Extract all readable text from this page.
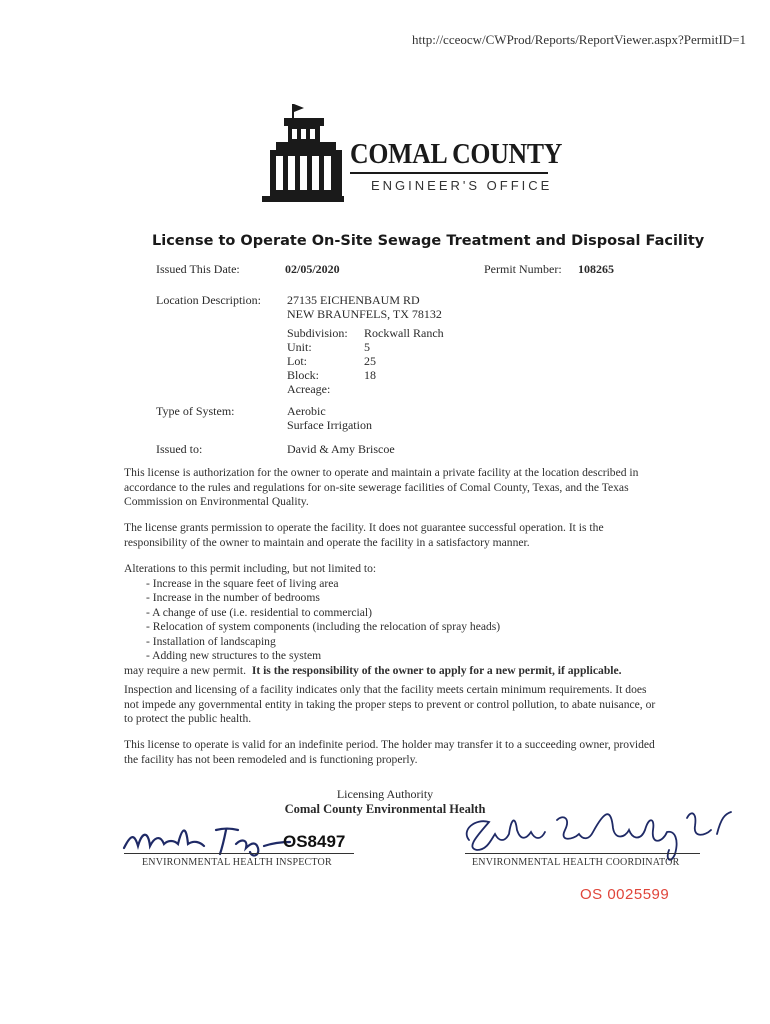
http://cceocw/CWProd/Reports/ReportViewer.aspx?PermitID=1
COMAL COUNTY
ENGINEER'S OFFICE
License to Operate On-Site Sewage Treatment and Disposal Facility
Issued This Date:	02/05/2020	Permit Number: 108265
Location Description: 27135 EICHENBAUM RD
NEW BRAUNFELS, TX 78132
Subdivision: Rockwall Ranch
Unit:	5
Lot:	25
Block:	18
Acreage:
Type of System:	Aerobic
Surface Irrigation
Issued to:	David & Amy Briscoe

This license is authorization for the owner to operate and maintain a private facility at the location described in accordance to the rules and regulations for on-site sewerage facilities of Comal County, Texas, and the Texas Commission on Environmental Quality.

The license grants permission to operate the facility. It does not guarantee successful operation. It is the responsibility of the owner to maintain and operate the facility in a satisfactory manner.

Alterations to this permit including, but not limited to:

- Increase in the square feet of living area
- Increase in the number of bedrooms
- A change of use (i.e. residential to commercial)
- Relocation of system components (including the relocation of spray heads)
- Installation of landscaping
- Adding new structures to the system

may require a new permit. It is the responsibility of the owner to apply for a new permit, if applicable.

Inspection and licensing of a facility indicates only that the facility meets certain minimum requirements. It does not impede any governmental entity in taking the proper steps to prevent or control pollution, to abate nuisance, or to protect the public health.

This license to operate is valid for an indefinite period. The holder may transfer it to a succeeding owner, provided the facility has not been remodeled and is functioning properly.

Licensing Authority
Comal County Environmental Health
OS8497
ENVIRONMENTAL HEALTH INSPECTOR	ENVIRONMENTAL HEALTH COORDINATOR
OS 0025599
